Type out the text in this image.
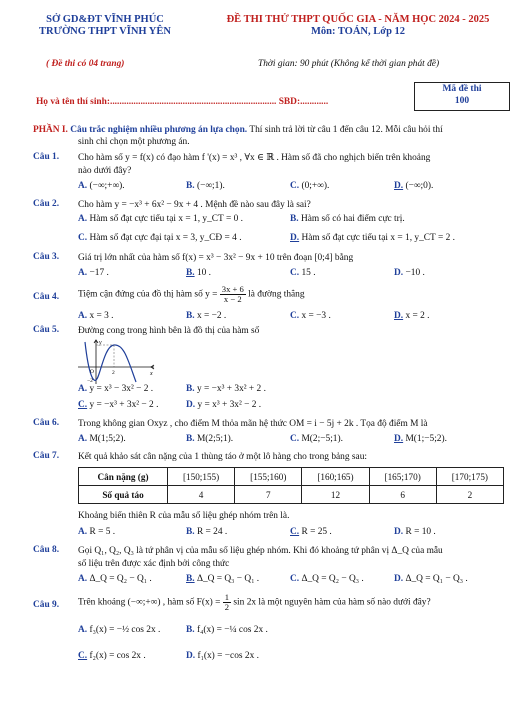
SỞ GD&ĐT VĨNH PHÚC
TRƯỜNG THPT VĨNH YÊN
ĐỀ THI THỬ THPT QUỐC GIA - NĂM HỌC 2024 - 2025
Môn: TOÁN, Lớp 12
( Đề thi có 04 trang)	Thời gian: 90 phút (Không kể thời gian phát đề)
Họ và tên thí sinh:....................................................................... SBD:............
Mã đề thi
100
PHẦN I. Câu trắc nghiệm nhiều phương án lựa chọn. Thí sinh trả lời từ câu 1 đến câu 12. Mỗi câu hỏi thí
sinh chỉ chọn một phương án.
Câu 1. Cho hàm số y = f(x) có đạo hàm f '(x) = x³ , ∀x ∈ ℝ . Hàm số đã cho nghịch biến trên khoảng
nào dưới đây?
A. (−∞;+∞).	B. (−∞;1).	C. (0;+∞).	D. (−∞;0).
Câu 2. Cho hàm y = −x³ + 6x² − 9x + 4 . Mệnh đề nào sau đây là sai?
A. Hàm số đạt cực tiểu tại x = 1, y_CT = 0 .	B. Hàm số có hai điểm cực trị.
C. Hàm số đạt cực đại tại x = 3, y_CĐ = 4 .	D. Hàm số đạt cực tiểu tại x = 1, y_CT = 2 .
Câu 3. Giá trị lớn nhất của hàm số f(x) = x³ − 3x² − 9x + 10 trên đoạn [0;4] bằng
A. −17 .	B. 10 .	C. 15 .	D. −10 .
Câu 4. Tiệm cận đứng của đồ thị hàm số $y = \frac{3x + 6}{x - 2}$ là đường thẳng
A. x = 3 .	B. x = −2 .	C. x = −3 .	D. x = 2 .
Câu 5. Đường cong trong hình bên là đồ thị của hàm số
x
y
O	2
−2
A. y = x³ − 3x² − 2 .	B. y = −x³ + 3x² + 2 .
C. y = −x³ + 3x² − 2 .	D. y = x³ + 3x² − 2 .
Câu 6. Trong không gian Oxyz , cho điểm M thỏa mãn hệ thức OM = i − 5j + 2k . Tọa độ điểm M là
A. M(1;5;2).	B. M(2;5;1).	C. M(2;−5;1).	D. M(1;−5;2).
Câu 7. Kết quả khảo sát cân nặng của 1 thùng táo ở một lô hàng cho trong bảng sau:
Cân nặng (g)	[150;155)	[155;160)	[160;165)	[165;170)	[170;175)
Số quả táo	4	7	12	6	2
Khoảng biến thiên R của mẫu số liệu ghép nhóm trên là.
A. R = 5 .	B. R = 24 .	C. R = 25 .	D. R = 10 .
Câu 8. Gọi Q₁, Q₂, Q₃ là tứ phân vị của mẫu số liệu ghép nhóm. Khi đó khoảng tứ phân vị Δ_Q của mẫu
số liệu trên được xác định bởi công thức
A. Δ_Q = Q₂ − Q₁ .	B. Δ_Q = Q₃ − Q₁ .	C. Δ_Q = Q₂ − Q₃ .	D. Δ_Q = Q₁ − Q₃ .
Câu 9. Trên khoảng (−∞;+∞) , hàm số $F(x) = \frac{1}{2}$ sin 2x là một nguyên hàm của hàm số nào dưới đây?
A. f₃(x) = −½ cos 2x .	B. f₄(x) = −¼ cos 2x .
C. f₂(x) = cos 2x .	D. f₁(x) = −cos 2x .
